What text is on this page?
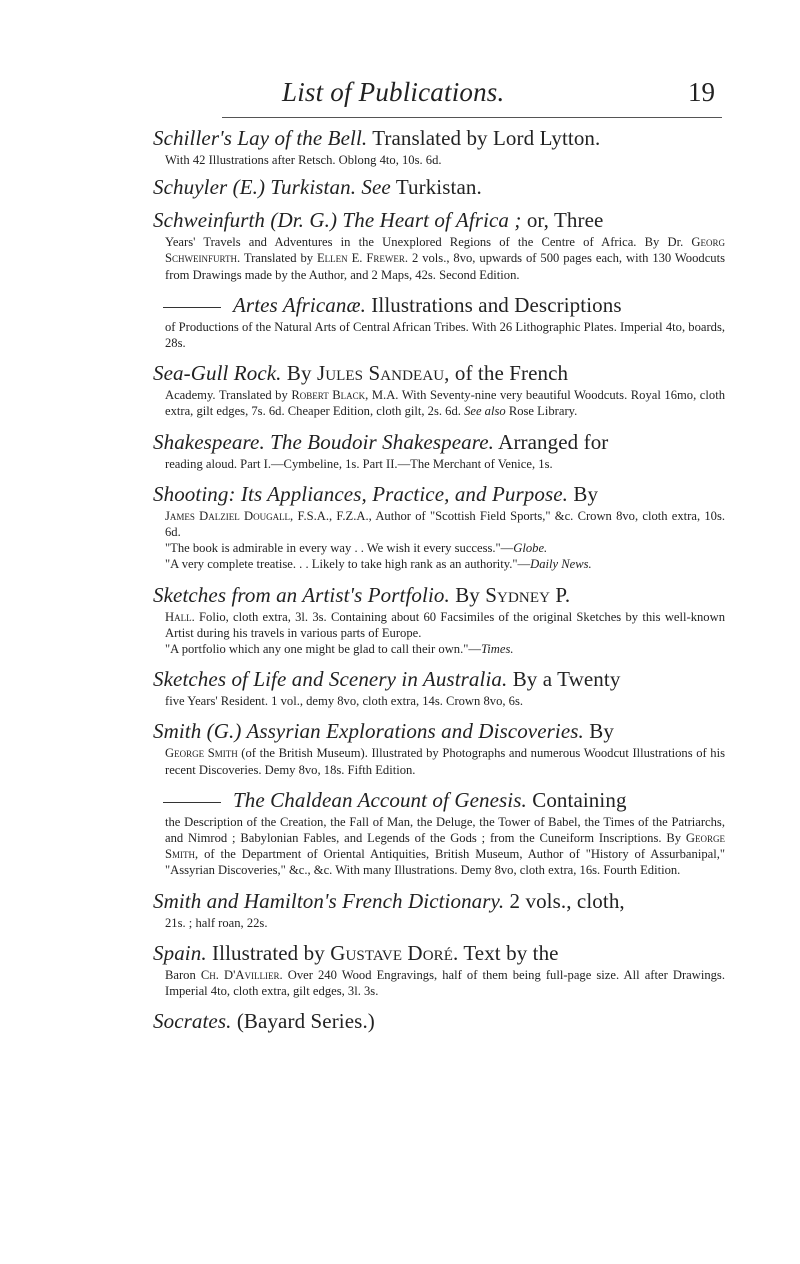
List of Publications.	19
Schiller's Lay of the Bell. Translated by Lord Lytton.
With 42 Illustrations after Retsch. Oblong 4to, 10s. 6d.
Schuyler (E.) Turkistan. See Turkistan.
Schweinfurth (Dr. G.) The Heart of Africa ; or, Three
Years' Travels and Adventures in the Unexplored Regions of the Centre of Africa. By Dr. Georg Schweinfurth. Translated by Ellen E. Frewer. 2 vols., 8vo, upwards of 500 pages each, with 130 Woodcuts from Drawings made by the Author, and 2 Maps, 42s. Second Edition.
Artes Africanæ. Illustrations and Descriptions
of Productions of the Natural Arts of Central African Tribes. With 26 Lithographic Plates. Imperial 4to, boards, 28s.
Sea-Gull Rock. By Jules Sandeau, of the French
Academy. Translated by Robert Black, M.A. With Seventy-nine very beautiful Woodcuts. Royal 16mo, cloth extra, gilt edges, 7s. 6d. Cheaper Edition, cloth gilt, 2s. 6d. See also Rose Library.
Shakespeare. The Boudoir Shakespeare. Arranged for
reading aloud. Part I.—Cymbeline, 1s. Part II.—The Merchant of Venice, 1s.
Shooting: Its Appliances, Practice, and Purpose. By
James Dalziel Dougall, F.S.A., F.Z.A., Author of "Scottish Field Sports," &c. Crown 8vo, cloth extra, 10s. 6d.
"The book is admirable in every way . . We wish it every success."—Globe.
"A very complete treatise. . . Likely to take high rank as an authority."—Daily News.
Sketches from an Artist's Portfolio. By Sydney P.
Hall. Folio, cloth extra, 3l. 3s. Containing about 60 Facsimiles of the original Sketches by this well-known Artist during his travels in various parts of Europe.
"A portfolio which any one might be glad to call their own."—Times.
Sketches of Life and Scenery in Australia. By a Twenty
five Years' Resident. 1 vol., demy 8vo, cloth extra, 14s. Crown 8vo, 6s.
Smith (G.) Assyrian Explorations and Discoveries. By
George Smith (of the British Museum). Illustrated by Photographs and numerous Woodcut Illustrations of his recent Discoveries. Demy 8vo, 18s. Fifth Edition.
The Chaldean Account of Genesis. Containing
the Description of the Creation, the Fall of Man, the Deluge, the Tower of Babel, the Times of the Patriarchs, and Nimrod ; Babylonian Fables, and Legends of the Gods ; from the Cuneiform Inscriptions. By George Smith, of the Department of Oriental Antiquities, British Museum, Author of "History of Assurbanipal," "Assyrian Discoveries," &c., &c. With many Illustrations. Demy 8vo, cloth extra, 16s. Fourth Edition.
Smith and Hamilton's French Dictionary. 2 vols., cloth,
21s. ; half roan, 22s.
Spain. Illustrated by Gustave Doré. Text by the
Baron Ch. D'Avillier. Over 240 Wood Engravings, half of them being full-page size. All after Drawings. Imperial 4to, cloth extra, gilt edges, 3l. 3s.
Socrates. (Bayard Series.)
